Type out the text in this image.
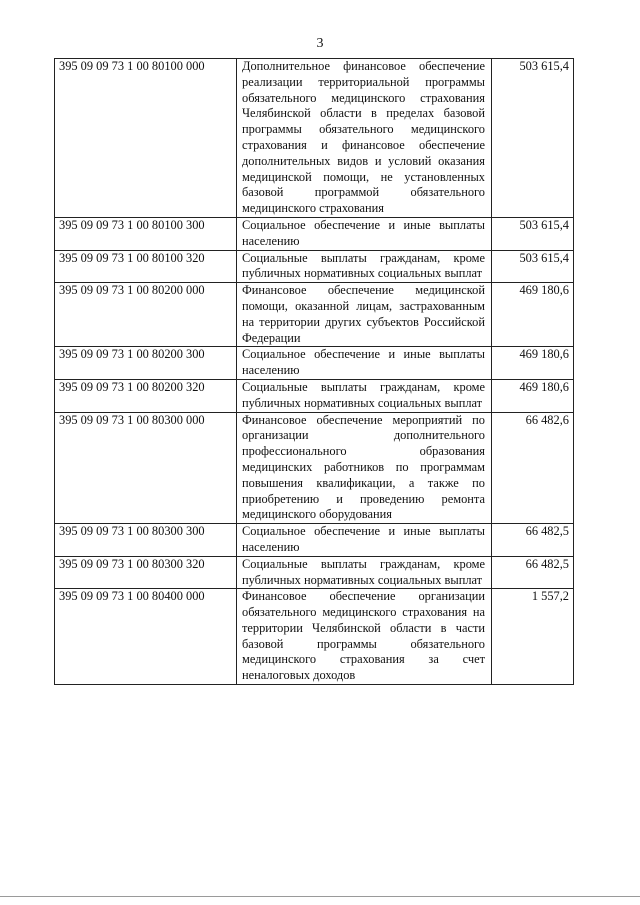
3
395 09 09 73 1 00 80100 000	Дополнительное финансовое обеспечение реализации территориальной программы обязательного медицинского страхования Челябинской области в пределах базовой программы обязательного медицинского страхования и финансовое обеспечение дополнительных видов и условий оказания медицинской помощи, не установленных базовой программой обязательного медицинского страхования	503 615,4
395 09 09 73 1 00 80100 300	Социальное обеспечение и иные выплаты населению	503 615,4
395 09 09 73 1 00 80100 320	Социальные выплаты гражданам, кроме публичных нормативных социальных выплат	503 615,4
395 09 09 73 1 00 80200 000	Финансовое обеспечение медицинской помощи, оказанной лицам, застрахованным на территории других субъектов Российской Федерации	469 180,6
395 09 09 73 1 00 80200 300	Социальное обеспечение и иные выплаты населению	469 180,6
395 09 09 73 1 00 80200 320	Социальные выплаты гражданам, кроме публичных нормативных социальных выплат	469 180,6
395 09 09 73 1 00 80300 000	Финансовое обеспечение мероприятий по организации дополнительного профессионального образования медицинских работников по программам повышения квалификации, а также по приобретению и проведению ремонта медицинского оборудования	66 482,6
395 09 09 73 1 00 80300 300	Социальное обеспечение и иные выплаты населению	66 482,5
395 09 09 73 1 00 80300 320	Социальные выплаты гражданам, кроме публичных нормативных социальных выплат	66 482,5
395 09 09 73 1 00 80400 000	Финансовое обеспечение организации обязательного медицинского страхования на территории Челябинской области в части базовой программы обязательного медицинского страхования за счет неналоговых доходов	1 557,2
